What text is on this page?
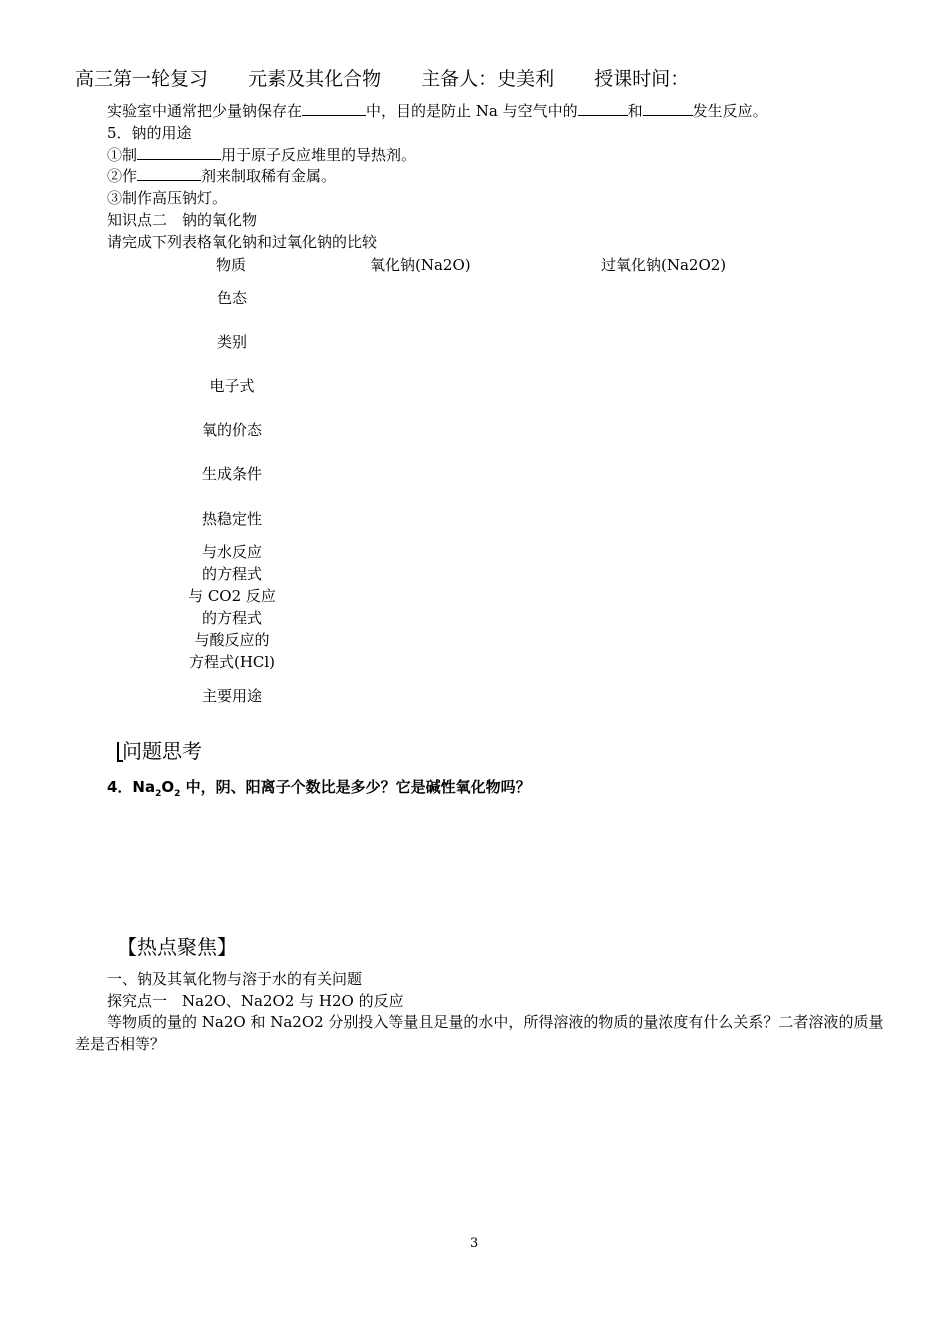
高三第一轮复习 元素及其化合物 主备人：史美利 授课时间：
实验室中通常把少量钠保存在	中，目的是防止 Na 与空气中的	和	发生反应。
5．钠的用途
①制	用于原子反应堆里的导热剂。
②作	剂来制取稀有金属。
③制作高压钠灯。
知识点二　钠的氧化物
请完成下列表格氧化钠和过氧化钠的比较
物质	氧化钠(Na2O)	过氧化钠(Na2O2)
色态
类别
电子式
氧的价态
生成条件
热稳定性
与水反应
的方程式
与 CO2 反应
的方程式
与酸反应的
方程式(HCl)
主要用途
问题思考
4．$Na_2O_2$ 中，阴、阳离子个数比是多少？它是碱性氧化物吗？
【热点聚焦】
一、钠及其氧化物与溶于水的有关问题
探究点一　Na2O、Na2O2 与 H2O 的反应
等物质的量的 Na2O 和 Na2O2 分别投入等量且足量的水中，所得溶液的物质的量浓度有什么关系？二者溶液的质量差是否相等？
3
